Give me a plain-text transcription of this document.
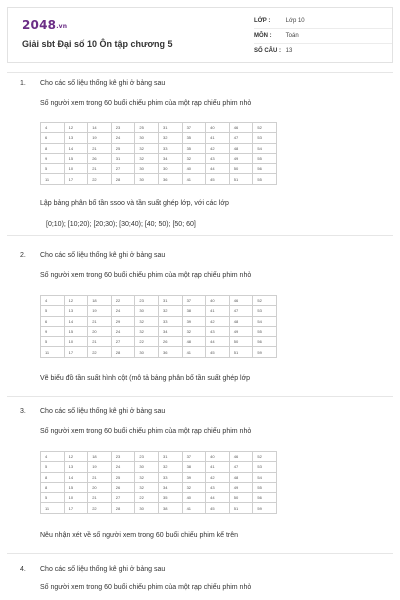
2048.vn
Giải sbt Đại số 10 Ôn tập chương 5
LỚP :	Lớp 10
MÔN : Toán
SỐ CÂU : 13
1. Cho các số liệu thống kê ghi ở bảng sau
Số người xem trong 60 buổi chiếu phim của một rạp chiếu phim nhỏ
4	12	14	23	25	31	37	40	46	52
6	13	19	24	30	32	35	41	47	53
8	14	21	25	32	33	35	42	48	54
9	15	26	31	32	34	32	43	49	55
5	10	21	27	30	30	40	44	50	56
11	17	22	28	30	36	41	45	51	55
Lập bảng phân bố tần ssoo và tần suất ghép lớp, với các lớp
[0;10); [10;20); [20;30); [30;40); [40; 50); [50; 60]
2. Cho các số liệu thống kê ghi ở bảng sau
Số người xem trong 60 buổi chiếu phim của một rạp chiếu phim nhỏ
4	12	18	22	23	31	37	40	46	52
5	13	19	24	30	32	38	41	47	53
6	14	21	29	32	33	39	42	48	54
9	15	20	24	32	34	32	43	49	55
5	10	21	27	22	26	48	44	50	56
11	17	22	28	30	36	41	45	51	59
Vẽ biểu đồ tần suất hình cột (mô tả bảng phân bố tần suất ghép lớp
3. Cho các số liệu thống kê ghi ở bảng sau
Số người xem trong 60 buổi chiếu phim của một rạp chiếu phim nhỏ
4	12	18	23	23	31	37	40	46	52
5	13	19	24	30	32	38	41	47	53
8	14	21	25	32	33	39	42	48	54
8	15	20	26	32	34	32	43	49	55
5	10	21	27	22	35	40	44	50	56
11	17	22	28	30	38	41	45	51	59
Nêu nhận xét về số người xem trong 60 buổi chiếu phim kể trên
4. Cho các số liệu thống kê ghi ở bảng sau
Số người xem trong 60 buổi chiếu phim của một rạp chiếu phim nhỏ
